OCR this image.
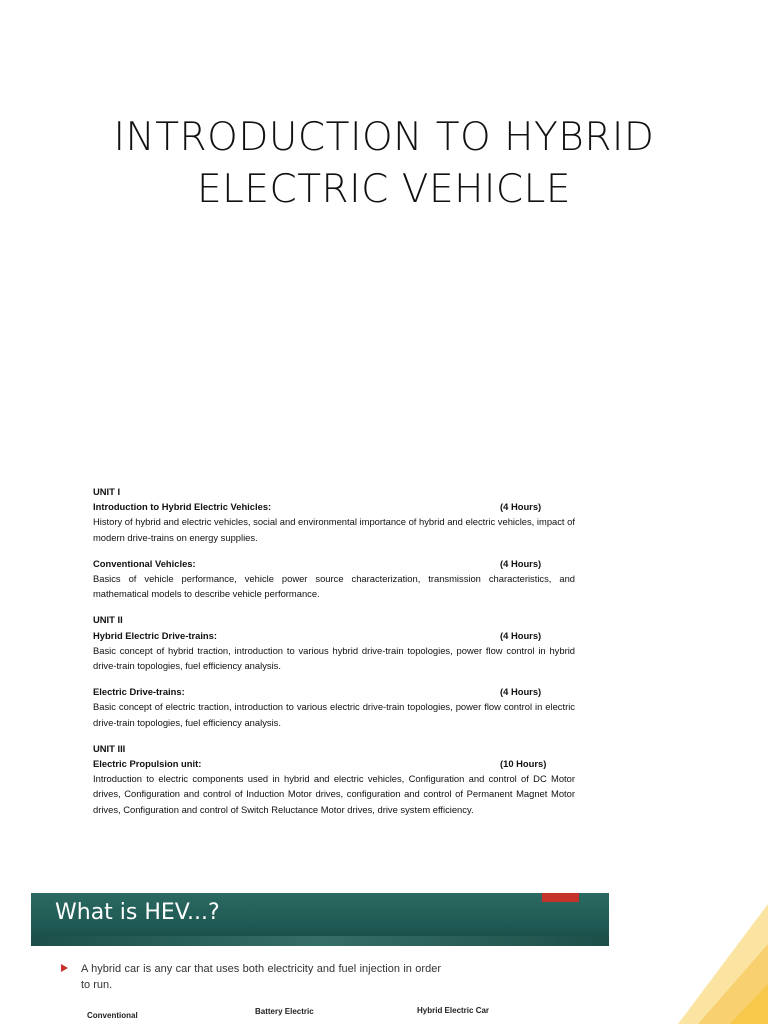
INTRODUCTION TO HYBRID
ELECTRIC VEHICLE

UNIT I

Introduction to Hybrid Electric Vehicles:	(4 Hours)

History of hybrid and electric vehicles, social and environmental importance of hybrid and electric vehicles, impact of modern drive-trains on energy supplies.

Conventional Vehicles:	(4 Hours)

Basics of vehicle performance, vehicle power source characterization, transmission characteristics, and mathematical models to describe vehicle performance.

UNIT II

Hybrid Electric Drive-trains:	(4 Hours)

Basic concept of hybrid traction, introduction to various hybrid drive-train topologies, power flow control in hybrid drive-train topologies, fuel efficiency analysis.

Electric Drive-trains:	(4 Hours)

Basic concept of electric traction, introduction to various electric drive-train topologies, power flow control in electric drive-train topologies, fuel efficiency analysis.

UNIT III

Electric Propulsion unit:	(10 Hours)

Introduction to electric components used in hybrid and electric vehicles, Configuration and control of DC Motor drives, Configuration and control of Induction Motor drives, configuration and control of Permanent Magnet Motor drives, Configuration and control of Switch Reluctance Motor drives, drive system efficiency.

What is HEV...?
A hybrid car is any car that uses both electricity and fuel injection in order to run.
Conventional	Battery Electric	Hybrid Electric Car
